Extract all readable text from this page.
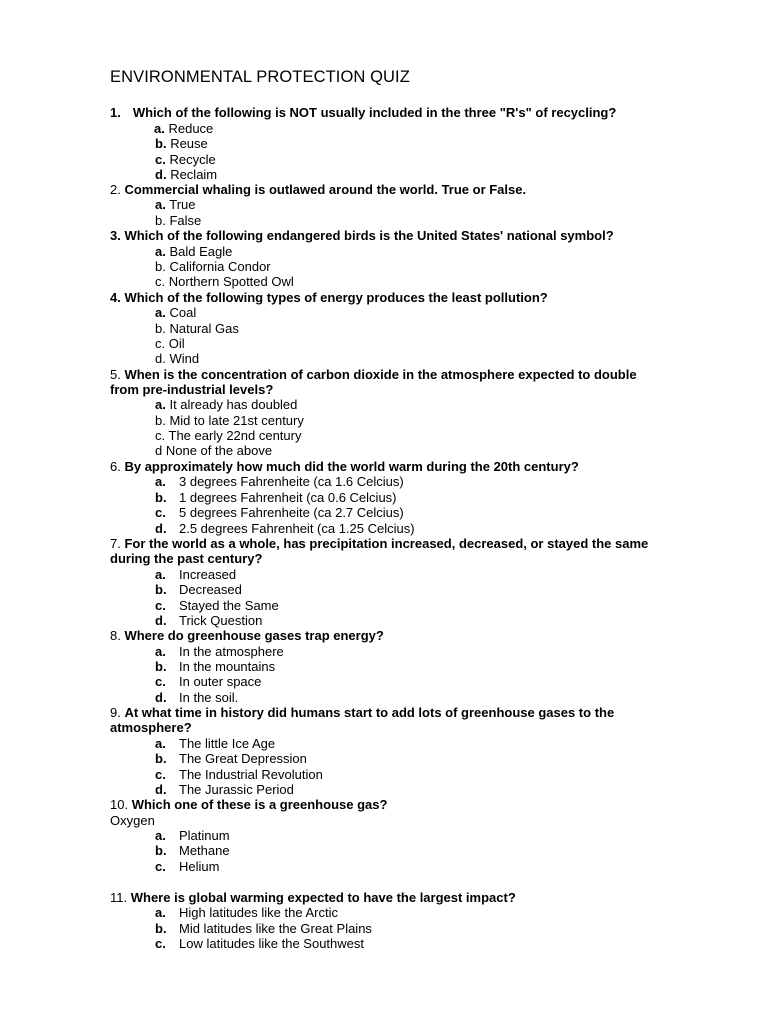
ENVIRONMENTAL PROTECTION QUIZ
1. Which of the following is NOT usually included in the three "R's" of recycling?
a. Reduce
b. Reuse
c. Recycle
d. Reclaim
2. Commercial whaling is outlawed around the world. True or False.
a. True
b. False
3. Which of the following endangered birds is the United States' national symbol?
a. Bald Eagle
b. California Condor
c. Northern Spotted Owl
4. Which of the following types of energy produces the least pollution?
a. Coal
b. Natural Gas
c. Oil
d. Wind
5. When is the concentration of carbon dioxide in the atmosphere expected to double
from pre-industrial levels?
a. It already has doubled
b. Mid to late 21st century
c. The early 22nd century
d None of the above
6. By approximately how much did the world warm during the 20th century?
a. 3 degrees Fahrenheite (ca 1.6 Celcius)
b. 1 degrees Fahrenheit (ca 0.6 Celcius)
c. 5 degrees Fahrenheite (ca 2.7 Celcius)
d. 2.5 degrees Fahrenheit (ca 1.25 Celcius)
7. For the world as a whole, has precipitation increased, decreased, or stayed the same
during the past century?
a. Increased
b. Decreased
c. Stayed the Same
d. Trick Question
8. Where do greenhouse gases trap energy?
a. In the atmosphere
b. In the mountains
c. In outer space
d. In the soil.
9. At what time in history did humans start to add lots of greenhouse gases to the
atmosphere?
a. The little Ice Age
b. The Great Depression
c. The Industrial Revolution
d. The Jurassic Period
10. Which one of these is a greenhouse gas?
Oxygen
a. Platinum
b. Methane
c. Helium
11. Where is global warming expected to have the largest impact?
a. High latitudes like the Arctic
b. Mid latitudes like the Great Plains
c. Low latitudes like the Southwest
